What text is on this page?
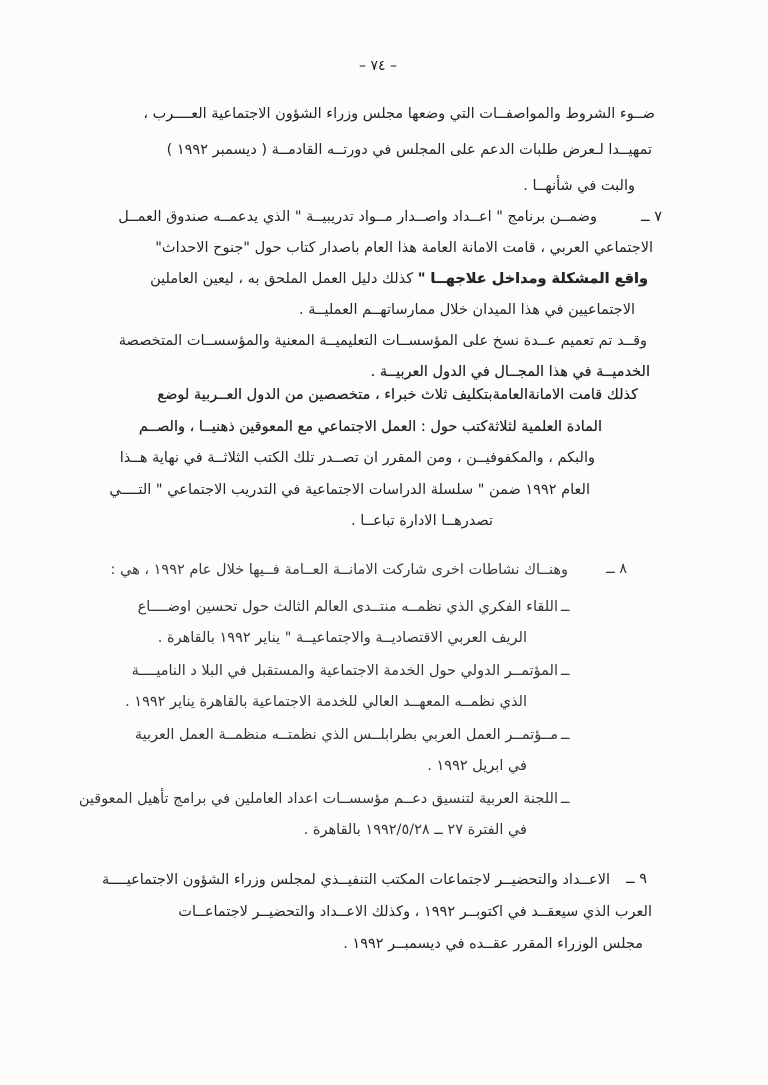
– ٧٤ –
ضــوء الشروط والمواصفــات التي وضعها مجلس وزراء الشؤون الاجتماعية العــــرب ،
تمهيــدا لـعرض طلبات الدعم على المجلس في دورتــه القادمــة ( ديسمبر ١٩٩٢ )
والبت في شأنهــا .
٧ ــ
وضمــن برنامج " اعــداد واصــدار مــواد تدريبيــة " الذي يدعمــه صندوق العمــل
الاجتماعي العربي ، قامت الامانة العامة هذا العام باصدار كتاب حول "جنوح الاحداث"
واقع المشكلة ومداخل علاجهــا " كذلك دليل العمل الملحق به ، ليعين العاملين
الاجتماعيين في هذا الميدان خلال ممارساتهــم العمليــة .
وقــد تم تعميم عــدة نسخ على المؤسســات التعليميــة المعنية والمؤسســات المتخصصة
الخدميــة في هذا المجــال في الدول العربيــة .
كذلك قامت الامانةالعامةبتكليف ثلاث خبراء ، متخصصين من الدول العــربية لوضع
المادة العلمية لثلاثةكتب حول : العمل الاجتماعي مع المعوقين ذهنيــا ، والصــم
والبكم ، والمكفوفيــن ، ومن المقرر ان تصــدر تلك الكتب الثلاثــة في نهاية هــذا
العام ١٩٩٢ ضمن " سلسلة الدراسات الاجتماعية في التدريب الاجتماعي " التــــي
تصدرهــا الادارة تباعــا .
٨ ــ
وهنــاك نشاطات اخرى شاركت الامانــة العــامة فــيها خلال عام ١٩٩٢ ، هي :
ــ
اللقاء الفكري الذي نظمــه منتــدى العالم الثالث حول تحسين اوضــــاع
الريف العربي الاقتصاديــة والاجتماعيــة " يناير ١٩٩٢ بالقاهرة .
ــ
المؤتمــر الدولي حول الخدمة الاجتماعية والمستقبل في البلا د الناميــــة
الذي نظمــه المعهــد العالي للخدمة الاجتماعية بالقاهرة يناير ١٩٩٢ .
ــ
مــؤتمــر العمل العربي بطرابلــس الذي نظمتــه منظمــة العمل العربية
في ابريل ١٩٩٢ .
ــ
اللجنة العربية لتنسيق دعــم مؤسســات اعداد العاملين في برامج تأهيل المعوقين
في الفترة ٢٧ ــ ١٩٩٢/٥/٢٨ بالقاهرة .
٩ ــ
الاعــداد والتحضيــر لاجتماعات المكتب التنفيــذي لمجلس وزراء الشؤون الاجتماعيــــة
العرب الذي سيعقــد في اكتوبــر ١٩٩٢ ، وكذلك الاعــداد والتحضيــر لاجتماعــات
مجلس الوزراء المقرر عقــده في ديسمبــر ١٩٩٢ .
